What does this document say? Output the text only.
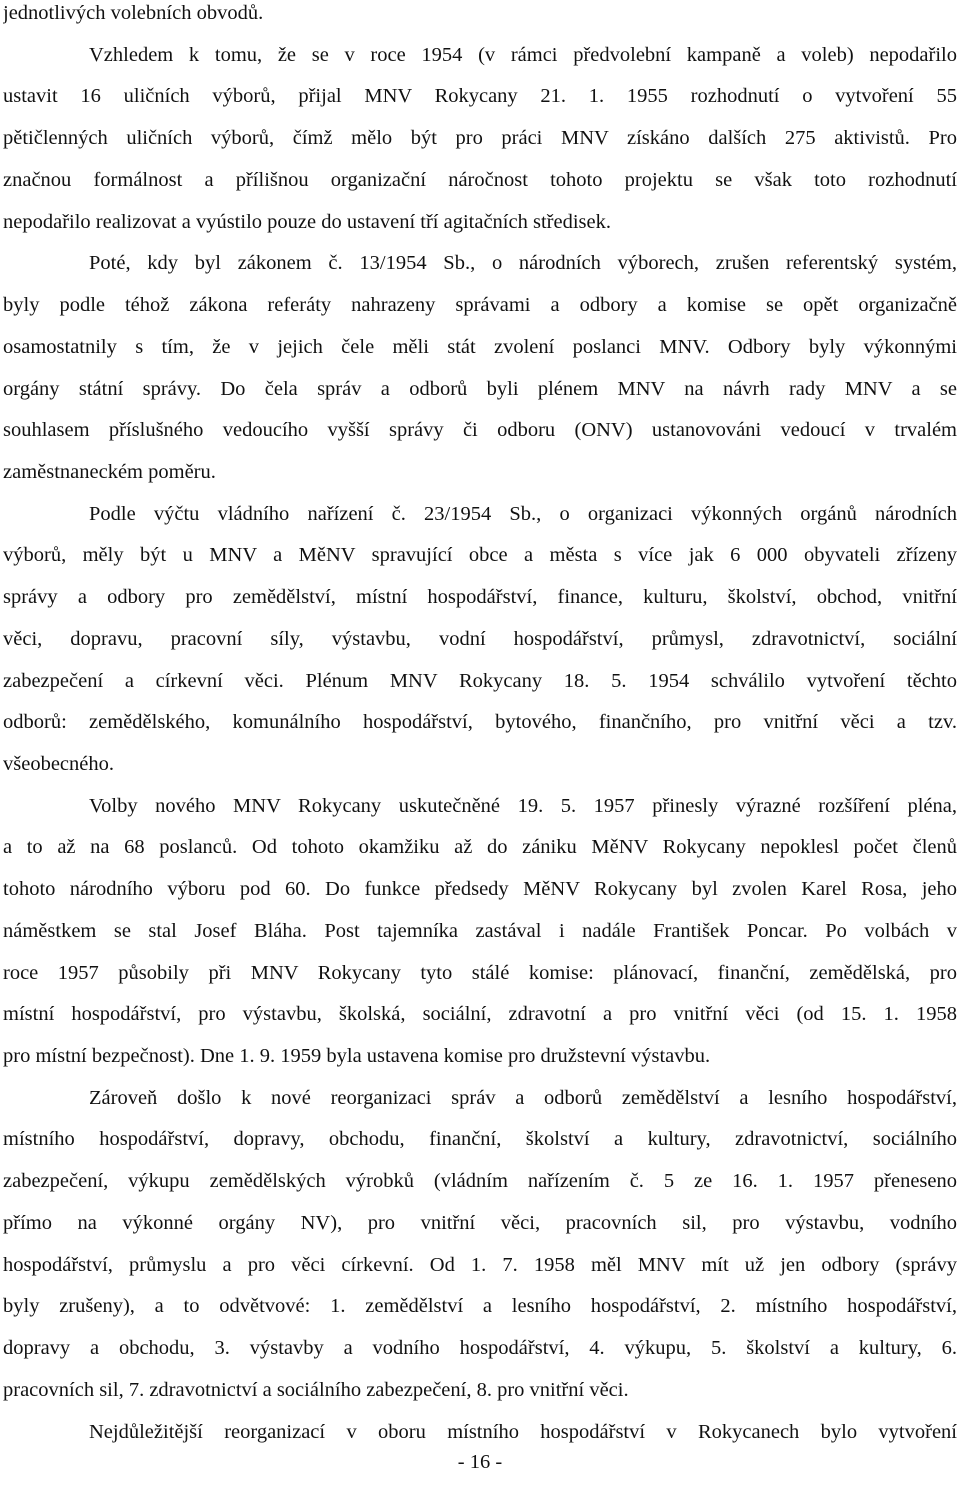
jednotlivých volebních obvodů.
Vzhledem k tomu, že se v roce 1954 (v rámci předvolební kampaně a voleb) nepodařilo
ustavit 16 uličních výborů, přijal MNV Rokycany 21. 1. 1955 rozhodnutí o vytvoření 55
pětičlenných uličních výborů, čímž mělo být pro práci MNV získáno dalších 275 aktivistů. Pro
značnou formálnost a přílišnou organizační náročnost tohoto projektu se však toto rozhodnutí
nepodařilo realizovat a vyústilo pouze do ustavení tří agitačních středisek.
Poté, kdy byl zákonem č. 13/1954 Sb., o národních výborech, zrušen referentský systém,
byly podle téhož zákona referáty nahrazeny správami a odbory a komise se opět organizačně
osamostatnily s tím, že v jejich čele měli stát zvolení poslanci MNV. Odbory byly výkonnými
orgány státní správy. Do čela správ a odborů byli plénem MNV na návrh rady MNV a se
souhlasem příslušného vedoucího vyšší správy či odboru (ONV) ustanovováni vedoucí v trvalém
zaměstnaneckém poměru.
Podle výčtu vládního nařízení č. 23/1954 Sb., o organizaci výkonných orgánů národních
výborů, měly být u MNV a MěNV spravující obce a města s více jak 6 000 obyvateli zřízeny
správy a odbory pro zemědělství, místní hospodářství, finance, kulturu, školství, obchod, vnitřní
věci, dopravu, pracovní síly, výstavbu, vodní hospodářství, průmysl, zdravotnictví, sociální
zabezpečení a církevní věci. Plénum MNV Rokycany 18. 5. 1954 schválilo vytvoření těchto
odborů: zemědělského, komunálního hospodářství, bytového, finančního, pro vnitřní věci a tzv.
všeobecného.
Volby nového MNV Rokycany uskutečněné 19. 5. 1957 přinesly výrazné rozšíření pléna,
a to až na 68 poslanců. Od tohoto okamžiku až do zániku MěNV Rokycany nepoklesl počet členů
tohoto národního výboru pod 60. Do funkce předsedy MěNV Rokycany byl zvolen Karel Rosa, jeho
náměstkem se stal Josef Bláha. Post tajemníka zastával i nadále František Poncar. Po volbách v
roce 1957 působily při MNV Rokycany tyto stálé komise: plánovací, finanční, zemědělská, pro
místní hospodářství, pro výstavbu, školská, sociální, zdravotní a pro vnitřní věci (od 15. 1. 1958
pro místní bezpečnost). Dne 1. 9. 1959 byla ustavena komise pro družstevní výstavbu.
Zároveň došlo k nové reorganizaci správ a odborů zemědělství a lesního hospodářství,
místního hospodářství, dopravy, obchodu, finanční, školství a kultury, zdravotnictví, sociálního
zabezpečení, výkupu zemědělských výrobků (vládním nařízením č. 5 ze 16. 1. 1957 přeneseno
přímo na výkonné orgány NV), pro vnitřní věci, pracovních sil, pro výstavbu, vodního
hospodářství, průmyslu a pro věci církevní. Od 1. 7. 1958 měl MNV mít už jen odbory (správy
byly zrušeny), a to odvětvové: 1. zemědělství a lesního hospodářství, 2. místního hospodářství,
dopravy a obchodu, 3. výstavby a vodního hospodářství, 4. výkupu, 5. školství a kultury, 6.
pracovních sil, 7. zdravotnictví a sociálního zabezpečení, 8. pro vnitřní věci.
Nejdůležitější reorganizací v oboru místního hospodářství v Rokycanech bylo vytvoření
- 16 -
